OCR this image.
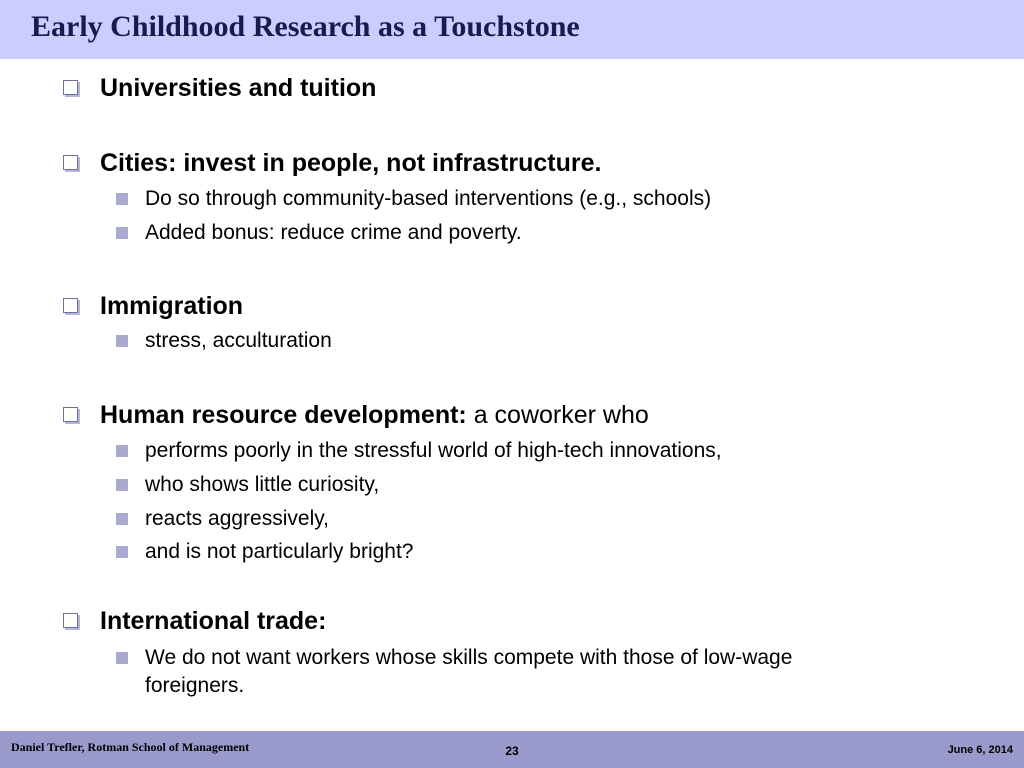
Early Childhood Research as a Touchstone
Universities and tuition
Cities: invest in people, not infrastructure.
Do so through community-based interventions (e.g., schools)
Added bonus: reduce crime and poverty.
Immigration
stress, acculturation
Human resource development: a coworker who
performs poorly in the stressful world of high-tech innovations,
who shows little curiosity,
reacts aggressively,
and is not particularly bright?
International trade:
We do not want workers whose skills compete with those of low-wage
foreigners.
Daniel Trefler, Rotman School of Management	23	June 6, 2014
